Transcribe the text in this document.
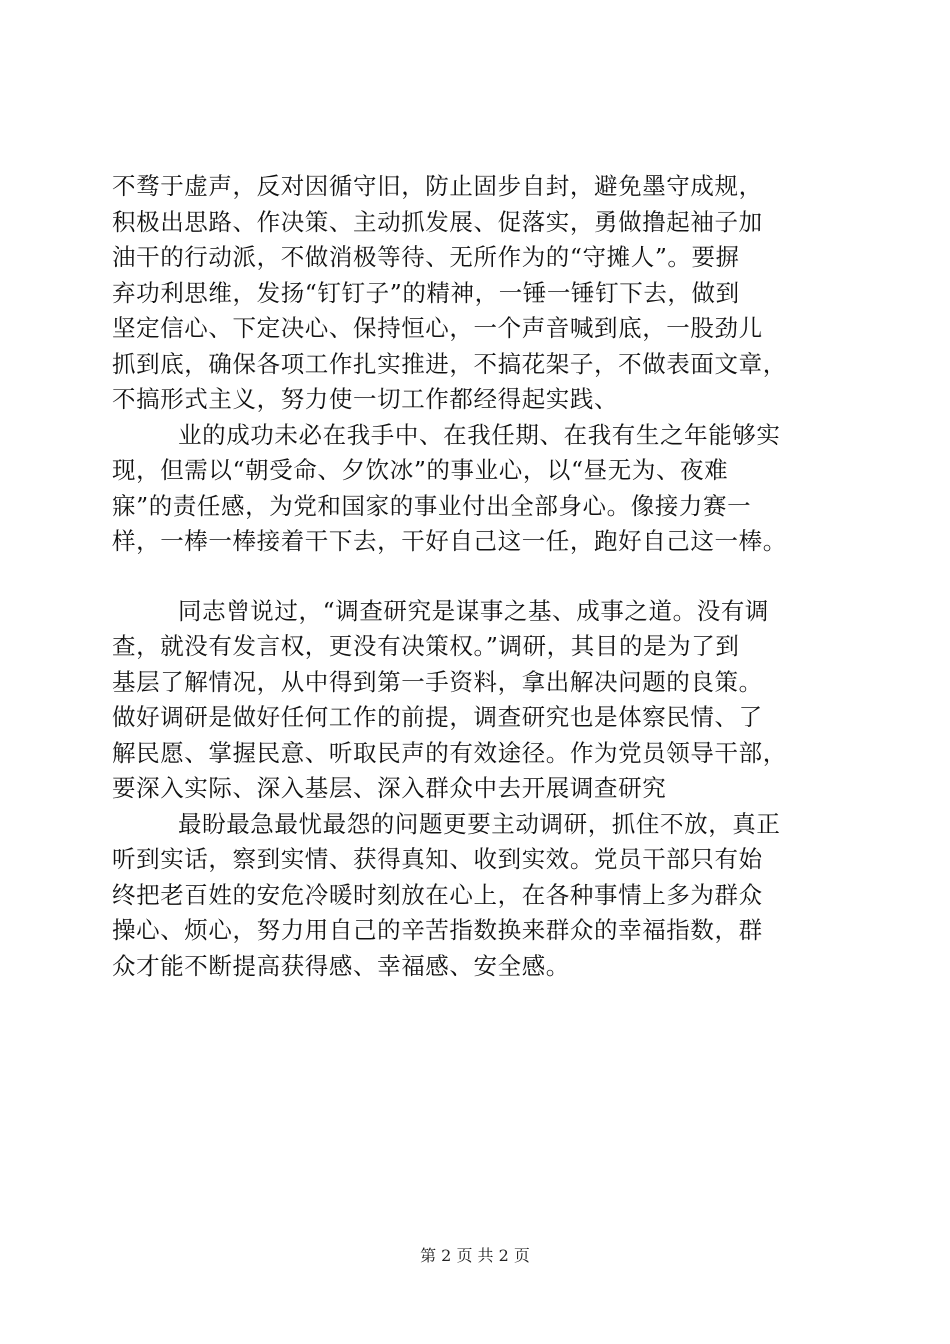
不骛于虚声，反对因循守旧，防止固步自封，避免墨守成规，
积极出思路、作决策、主动抓发展、促落实，勇做撸起袖子加
油干的行动派，不做消极等待、无所作为的“守摊人”。要摒
弃功利思维，发扬“钉钉子”的精神，一锤一锤钉下去，做到
坚定信心、下定决心、保持恒心，一个声音喊到底，一股劲儿
抓到底，确保各项工作扎实推进，不搞花架子，不做表面文章，
不搞形式主义，努力使一切工作都经得起实践、
业的成功未必在我手中、在我任期、在我有生之年能够实
现，但需以“朝受命、夕饮冰”的事业心，以“昼无为、夜难
寐”的责任感，为党和国家的事业付出全部身心。像接力赛一
样，一棒一棒接着干下去，干好自己这一任，跑好自己这一棒。
同志曾说过，“调查研究是谋事之基、成事之道。没有调
查，就没有发言权，更没有决策权。”调研，其目的是为了到
基层了解情况，从中得到第一手资料，拿出解决问题的良策。
做好调研是做好任何工作的前提，调查研究也是体察民情、了
解民愿、掌握民意、听取民声的有效途径。作为党员领导干部，
要深入实际、深入基层、深入群众中去开展调查研究
最盼最急最忧最怨的问题更要主动调研，抓住不放，真正
听到实话，察到实情、获得真知、收到实效。党员干部只有始
终把老百姓的安危冷暖时刻放在心上，在各种事情上多为群众
操心、烦心，努力用自己的辛苦指数换来群众的幸福指数，群
众才能不断提高获得感、幸福感、安全感。
第 2 页 共 2 页
